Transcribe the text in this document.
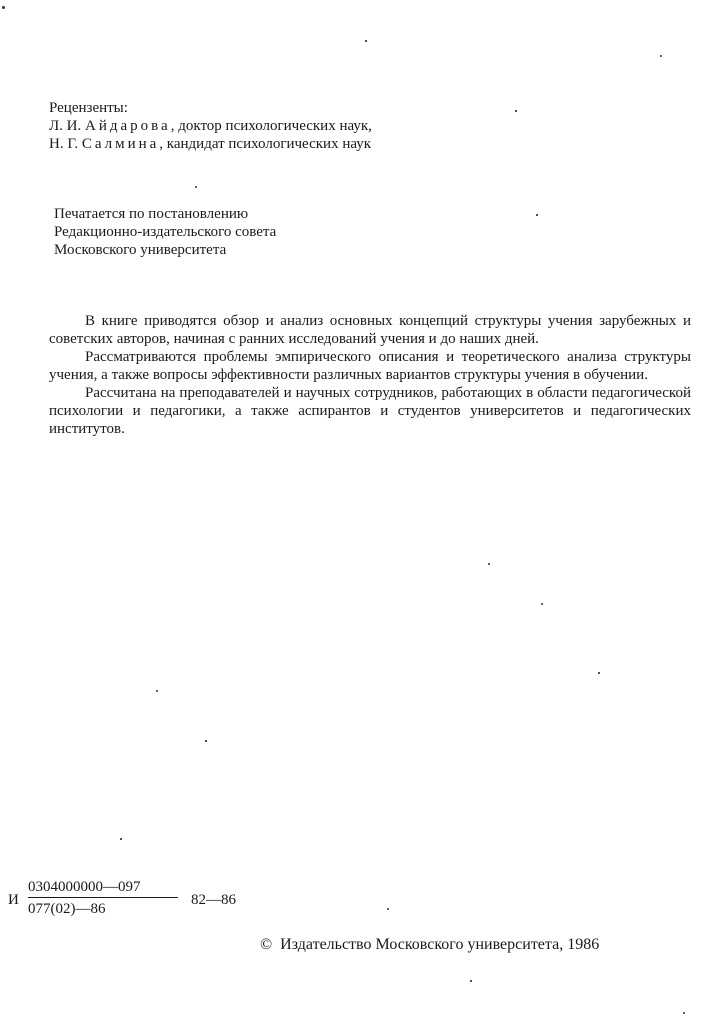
Рецензенты:
Л. И. Айдарова, доктор психологических наук,
Н. Г. Салмина, кандидат психологических наук
Печатается по постановлению
Редакционно-издательского совета
Московского университета

В книге приводятся обзор и анализ основных концепций структуры учения зарубежных и советских авторов, начиная с ранних исследований учения и до наших дней.

Рассматриваются проблемы эмпирического описания и теоретического анализа структуры учения, а также вопросы эффективности различных вариантов структуры учения в обучении.

Рассчитана на преподавателей и научных сотрудников, работающих в области педагогической психологии и педагогики, а также аспирантов и студентов университетов и педагогических институтов.

И
0304000000—097
077(02)—86
82—86
© Издательство Московского университета, 1986
